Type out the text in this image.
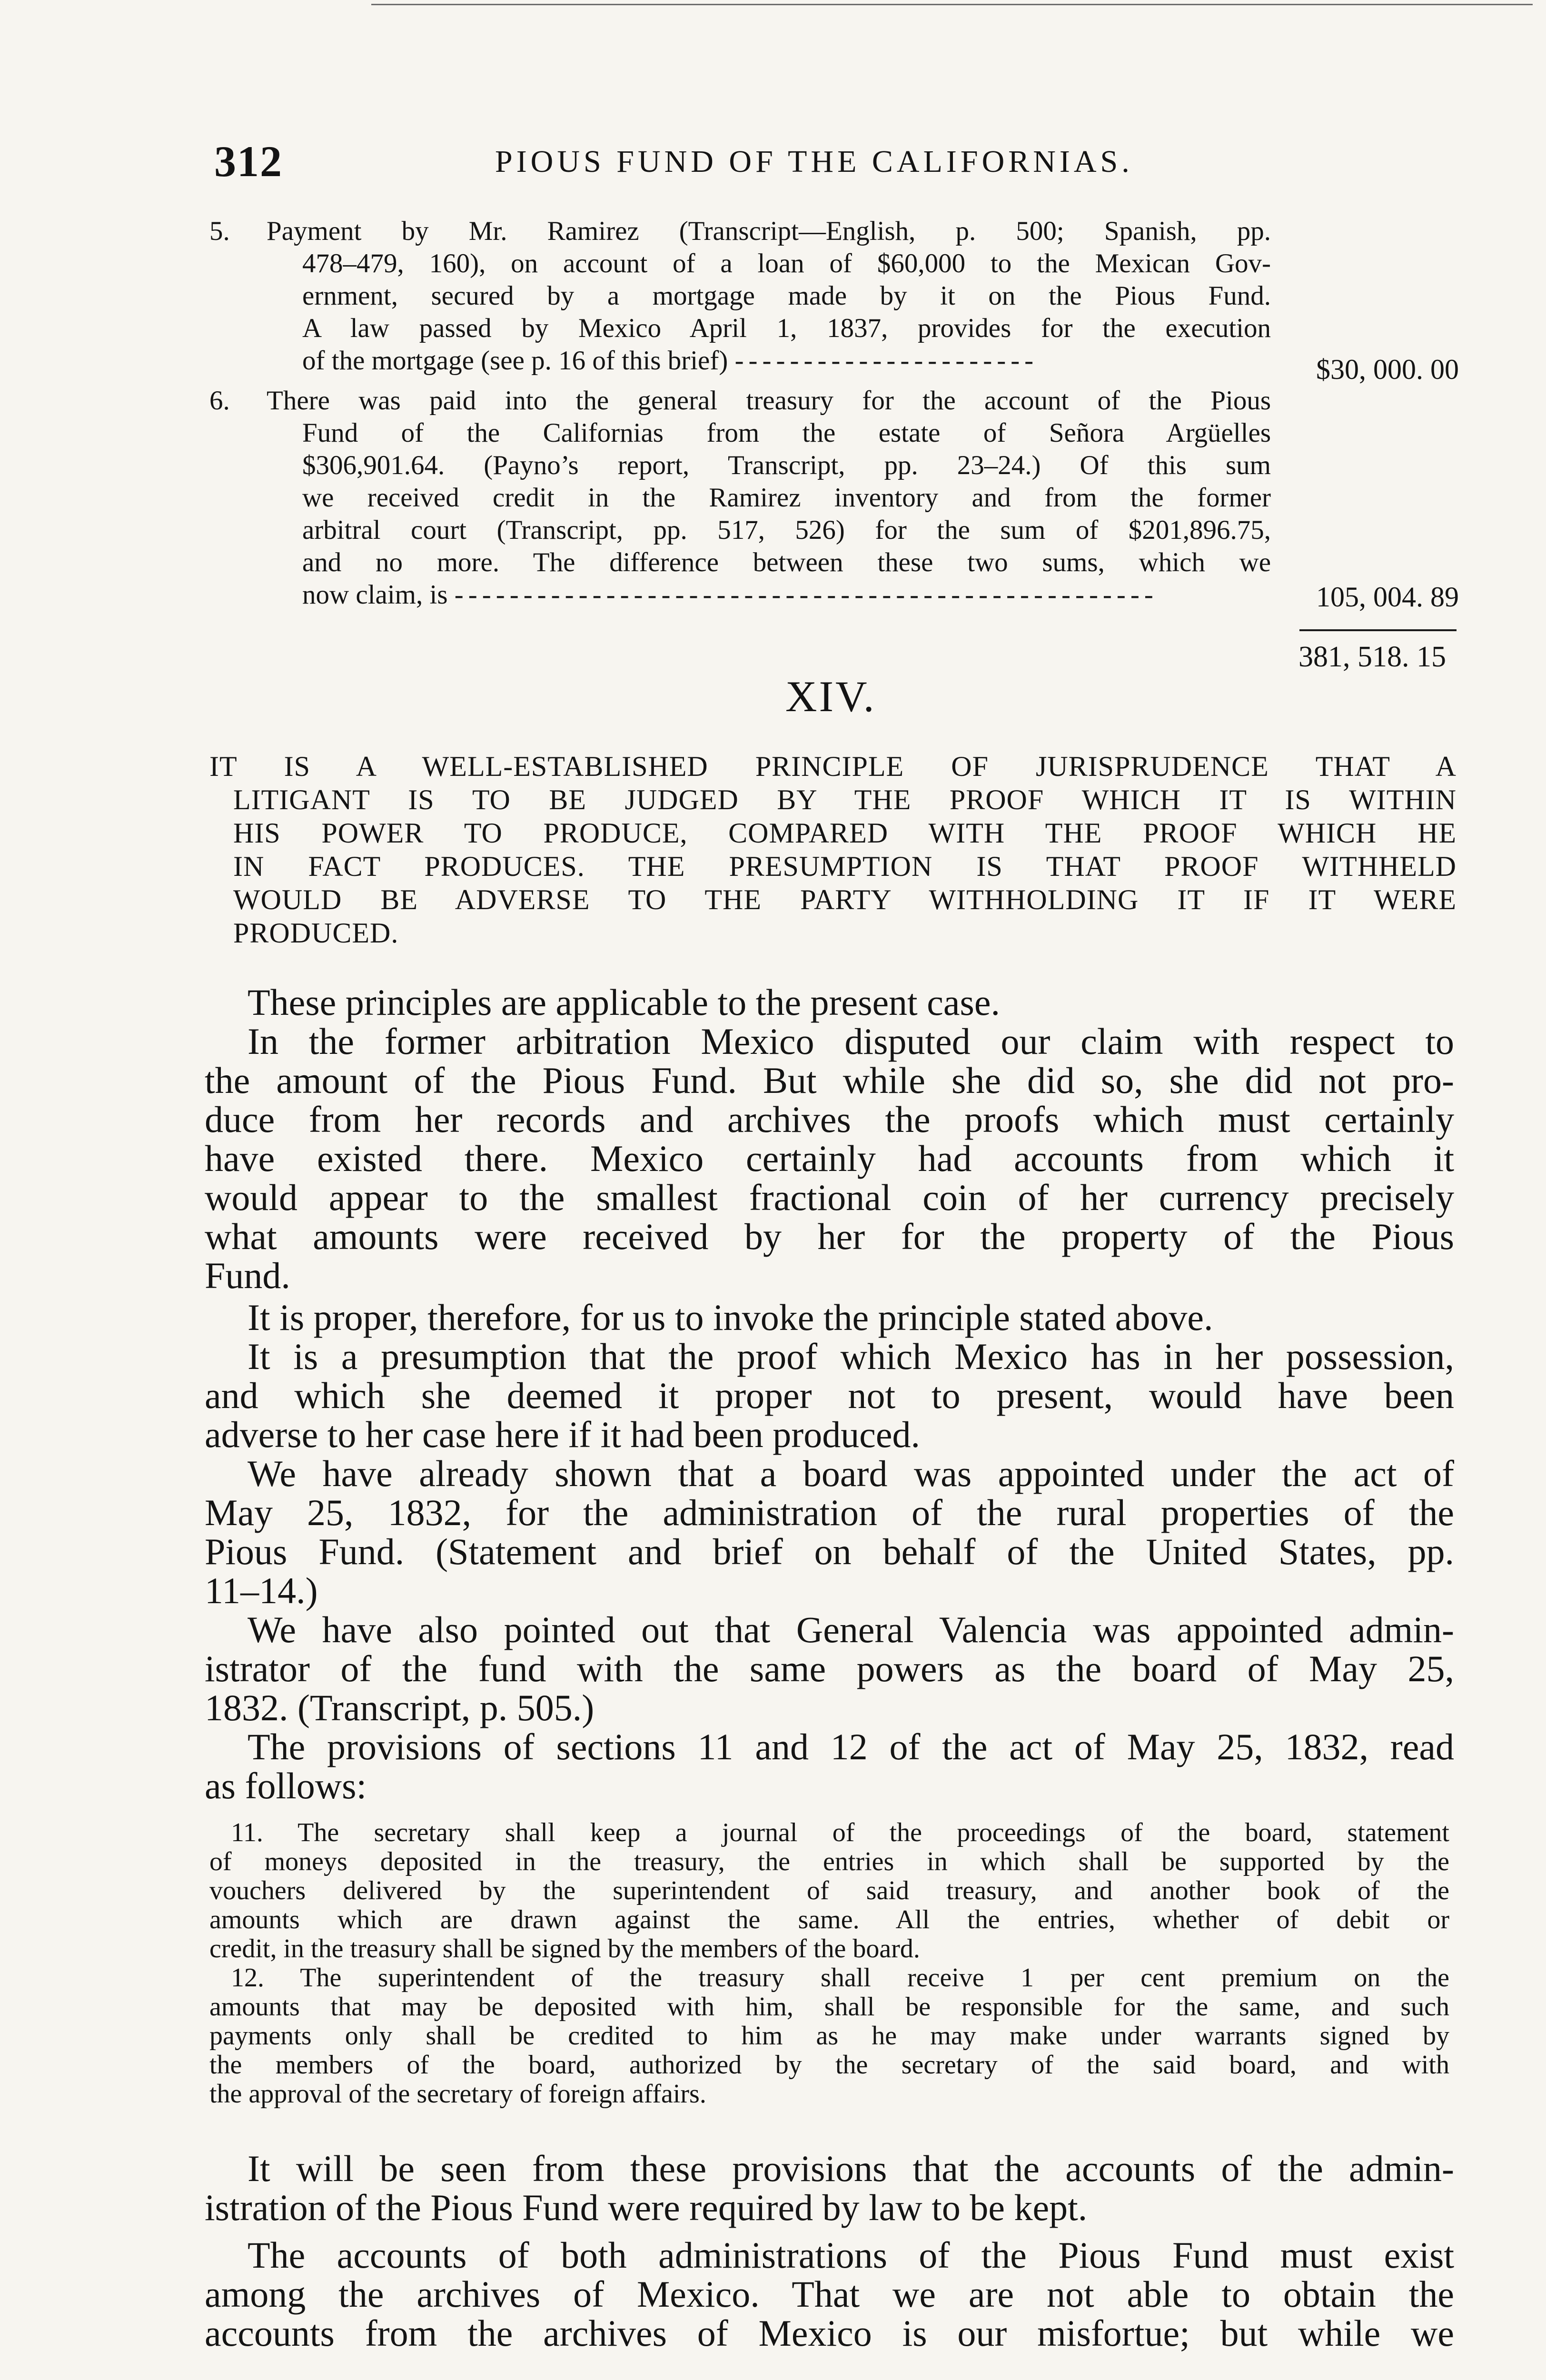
312	PIOUS FUND OF THE CALIFORNIAS.
5. Payment by Mr. Ramirez (Transcript—English, p. 500; Spanish, pp.
478–479, 160), on account of a loan of $60,000 to the Mexican Gov-
ernment, secured by a mortgage made by it on the Pious Fund.
A law passed by Mexico April 1, 1837, provides for the execution
of the mortgage (see p. 16 of this brief) ----------------------	$30, 000. 00
6. There was paid into the general treasury for the account of the Pious
Fund of the Californias from the estate of Señora Argüelles
$306,901.64. (Payno’s report, Transcript, pp. 23–24.) Of this sum
we received credit in the Ramirez inventory and from the former
arbitral court (Transcript, pp. 517, 526) for the sum of $201,896.75,
and no more. The difference between these two sums, which we
now claim, is ---------------------------------------------------	105, 004. 89
381, 518. 15
XIV.
IT IS A WELL-ESTABLISHED PRINCIPLE OF JURISPRUDENCE THAT A
LITIGANT IS TO BE JUDGED BY THE PROOF WHICH IT IS WITHIN
HIS POWER TO PRODUCE, COMPARED WITH THE PROOF WHICH HE
IN FACT PRODUCES. THE PRESUMPTION IS THAT PROOF WITHHELD
WOULD BE ADVERSE TO THE PARTY WITHHOLDING IT IF IT WERE
PRODUCED.
These principles are applicable to the present case.
In the former arbitration Mexico disputed our claim with respect to
the amount of the Pious Fund. But while she did so, she did not pro-
duce from her records and archives the proofs which must certainly
have existed there. Mexico certainly had accounts from which it
would appear to the smallest fractional coin of her currency precisely
what amounts were received by her for the property of the Pious
Fund.
It is proper, therefore, for us to invoke the principle stated above.
It is a presumption that the proof which Mexico has in her possession,
and which she deemed it proper not to present, would have been
adverse to her case here if it had been produced.
We have already shown that a board was appointed under the act of
May 25, 1832, for the administration of the rural properties of the
Pious Fund. (Statement and brief on behalf of the United States, pp.
11–14.)
We have also pointed out that General Valencia was appointed admin-
istrator of the fund with the same powers as the board of May 25,
1832. (Transcript, p. 505.)
The provisions of sections 11 and 12 of the act of May 25, 1832, read
as follows:
11. The secretary shall keep a journal of the proceedings of the board, statement
of moneys deposited in the treasury, the entries in which shall be supported by the
vouchers delivered by the superintendent of said treasury, and another book of the
amounts which are drawn against the same. All the entries, whether of debit or
credit, in the treasury shall be signed by the members of the board.
12. The superintendent of the treasury shall receive 1 per cent premium on the
amounts that may be deposited with him, shall be responsible for the same, and such
payments only shall be credited to him as he may make under warrants signed by
the members of the board, authorized by the secretary of the said board, and with
the approval of the secretary of foreign affairs.
It will be seen from these provisions that the accounts of the admin-
istration of the Pious Fund were required by law to be kept.
The accounts of both administrations of the Pious Fund must exist
among the archives of Mexico. That we are not able to obtain the
accounts from the archives of Mexico is our misfortue; but while we
